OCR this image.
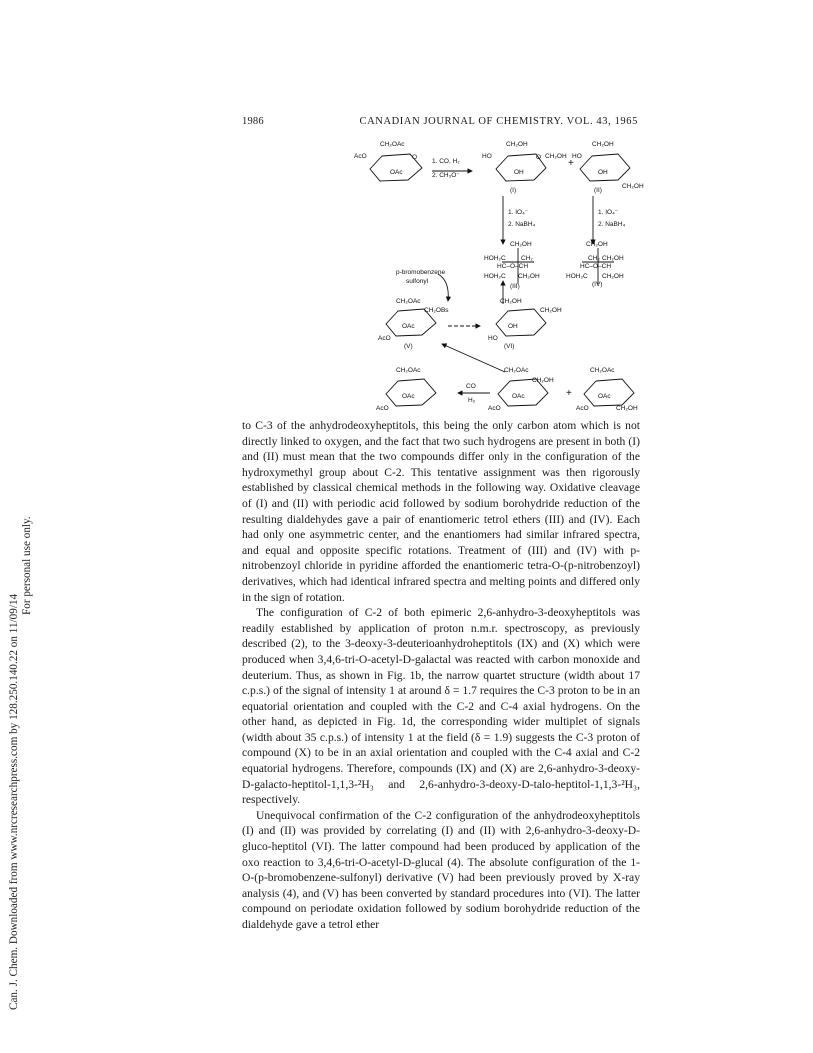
Can. J. Chem. Downloaded from www.nrcresearchpress.com by 128.250.140.22 on 11/09/14
For personal use only.
1986	CANADIAN JOURNAL OF CHEMISTRY. VOL. 43, 1965
CH₂OAc
AcO
OAc
O
1. CO, H₂
2. CH₃O⁻
CH₂OH
HO	O CH₂OH
OH
(I)
+
CH₂OH
HO
OH
CH₂OH
(II)
1. IO₄⁻
2. NaBH₄
1. IO₄⁻
2. NaBH₄
CH₂OH
HOH₂C CH₂
HC–O–CH
HOH₂C CH₂OH
(III)
CH₂OH
CH₂ CH₂OH
HC–O–CH
HOH₂C CH₂OH
(IV)
p-bromobenzene
sulfonyl
CH₂OAc
CH₂OBs
OAc
AcO
(V)
CH₂OH
CH₂OH
OH
HO
(VI)
CH₂OAc
OAc
AcO
CO
H₂
CH₂OAc
CH₂OH
OAc
AcO
+
CH₂OAc
OAc
AcO	CH₂OH

to C-3 of the anhydrodeoxyheptitols, this being the only carbon atom which is not directly linked to oxygen, and the fact that two such hydrogens are present in both (I) and (II) must mean that the two compounds differ only in the configuration of the hydroxymethyl group about C-2. This tentative assignment was then rigorously established by classical chemical methods in the following way. Oxidative cleavage of (I) and (II) with periodic acid followed by sodium borohydride reduction of the resulting dialdehydes gave a pair of enantiomeric tetrol ethers (III) and (IV). Each had only one asymmetric center, and the enantiomers had similar infrared spectra, and equal and opposite specific rotations. Treatment of (III) and (IV) with p-nitrobenzoyl chloride in pyridine afforded the enantiomeric tetra-O-(p-nitrobenzoyl) derivatives, which had identical infrared spectra and melting points and differed only in the sign of rotation.

The configuration of C-2 of both epimeric 2,6-anhydro-3-deoxyheptitols was readily established by application of proton n.m.r. spectroscopy, as previously described (2), to the 3-deoxy-3-deuterioanhydroheptitols (IX) and (X) which were produced when 3,4,6-tri-O-acetyl-D-galactal was reacted with carbon monoxide and deuterium. Thus, as shown in Fig. 1b, the narrow quartet structure (width about 17 c.p.s.) of the signal of intensity 1 at around δ = 1.7 requires the C-3 proton to be in an equatorial orientation and coupled with the C-2 and C-4 axial hydrogens. On the other hand, as depicted in Fig. 1d, the corresponding wider multiplet of signals (width about 35 c.p.s.) of intensity 1 at the field (δ = 1.9) suggests the C-3 proton of compound (X) to be in an axial orientation and coupled with the C-4 axial and C-2 equatorial hydrogens. Therefore, compounds (IX) and (X) are 2,6-anhydro-3-deoxy-D-galacto-heptitol-1,1,3-²H₃ and 2,6-anhydro-3-deoxy-D-talo-heptitol-1,1,3-²H₃, respectively.

Unequivocal confirmation of the C-2 configuration of the anhydrodeoxyheptitols (I) and (II) was provided by correlating (I) and (II) with 2,6-anhydro-3-deoxy-D-gluco-heptitol (VI). The latter compound had been produced by application of the oxo reaction to 3,4,6-tri-O-acetyl-D-glucal (4). The absolute configuration of the 1-O-(p-bromobenzene-sulfonyl) derivative (V) had been previously proved by X-ray analysis (4), and (V) has been converted by standard procedures into (VI). The latter compound on periodate oxidation followed by sodium borohydride reduction of the dialdehyde gave a tetrol ether
